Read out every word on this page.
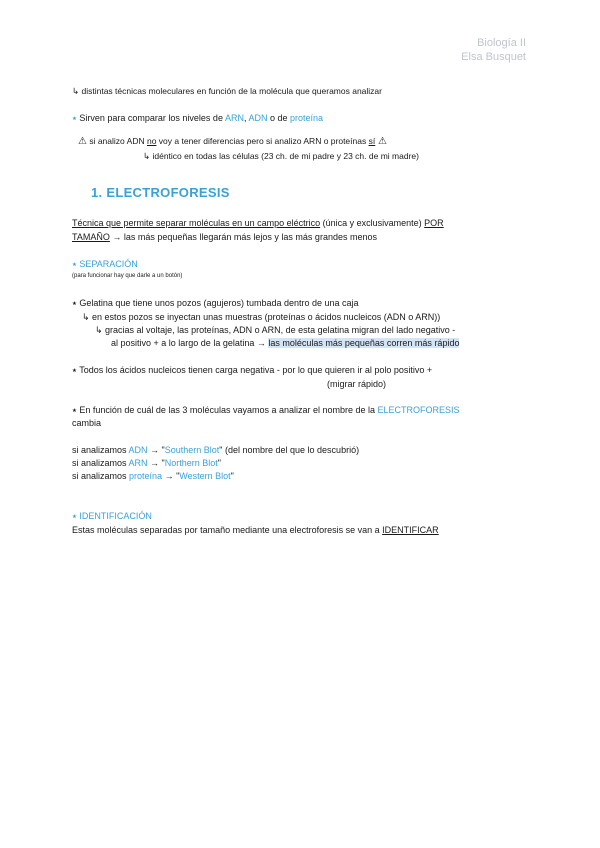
Biología II
Elsa Busquet
↳ distintas técnicas moleculares en función de la molécula que queramos analizar
⭑ Sirven para comparar los niveles de ARN, ADN o de proteína
⚠ si analizo ADN no voy a tener diferencias pero si analizo ARN o proteínas sí ⚠
↳ idéntico en todas las células (23 ch. de mi padre y 23 ch. de mi madre)
1. ELECTROFORESIS
Técnica que permite separar moléculas en un campo eléctrico (única y exclusivamente) POR
TAMAÑO → las más pequeñas llegarán más lejos y las más grandes menos
⭑ SEPARACIÓN
(para funcionar hay que darle a un botón)
⭑ Gelatina que tiene unos pozos (agujeros) tumbada dentro de una caja
↳ en estos pozos se inyectan unas muestras (proteínas o ácidos nucleicos (ADN o ARN))
↳ gracias al voltaje, las proteínas, ADN o ARN, de esta gelatina migran del lado negativo -
al positivo + a lo largo de la gelatina → las moléculas más pequeñas corren más rápido
⭑ Todos los ácidos nucleicos tienen carga negativa - por lo que quieren ir al polo positivo +
(migrar rápido)
⭑ En función de cuál de las 3 moléculas vayamos a analizar el nombre de la ELECTROFORESIS
cambia
si analizamos ADN → "Southern Blot" (del nombre del que lo descubrió)
si analizamos ARN → "Northern Blot"
si analizamos proteína → "Western Blot"
⭑ IDENTIFICACIÓN
Estas moléculas separadas por tamaño mediante una electroforesis se van a IDENTIFICAR
